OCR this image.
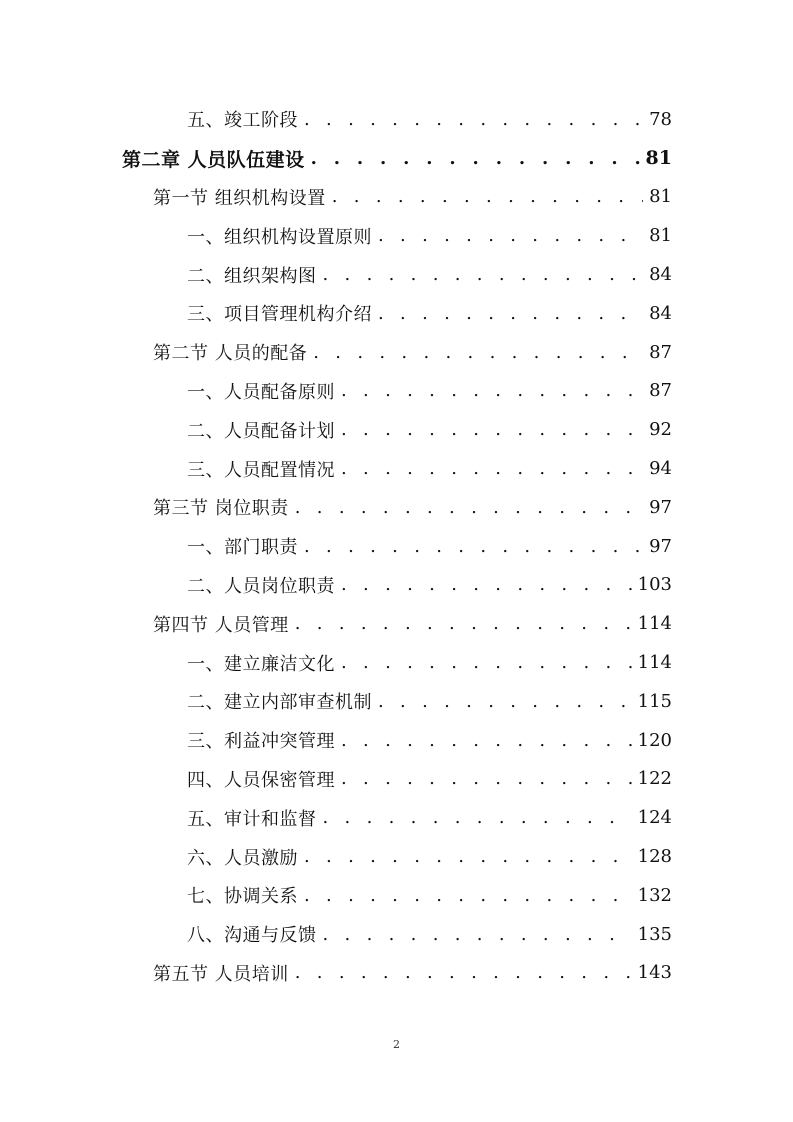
五、竣工阶段 . . .	78
第二章 人员队伍建设 . . .	81
第一节 组织机构设置 . . .	81
一、组织机构设置原则 . . .	81
二、组织架构图 . . .	84
三、项目管理机构介绍 . . .	84
第二节 人员的配备 . . .	87
一、人员配备原则 . . .	87
二、人员配备计划 . . .	92
三、人员配置情况 . . .	94
第三节 岗位职责 . . .	97
一、部门职责 . . .	97
二、人员岗位职责 . . .	103
第四节 人员管理 . . .	114
一、建立廉洁文化 . . .	114
二、建立内部审查机制 . . .	115
三、利益冲突管理 . . .	120
四、人员保密管理 . . .	122
五、审计和监督 . . .	124
六、人员激励 . . .	128
七、协调关系 . . .	132
八、沟通与反馈 . . .	135
第五节 人员培训 . . .	143
2
